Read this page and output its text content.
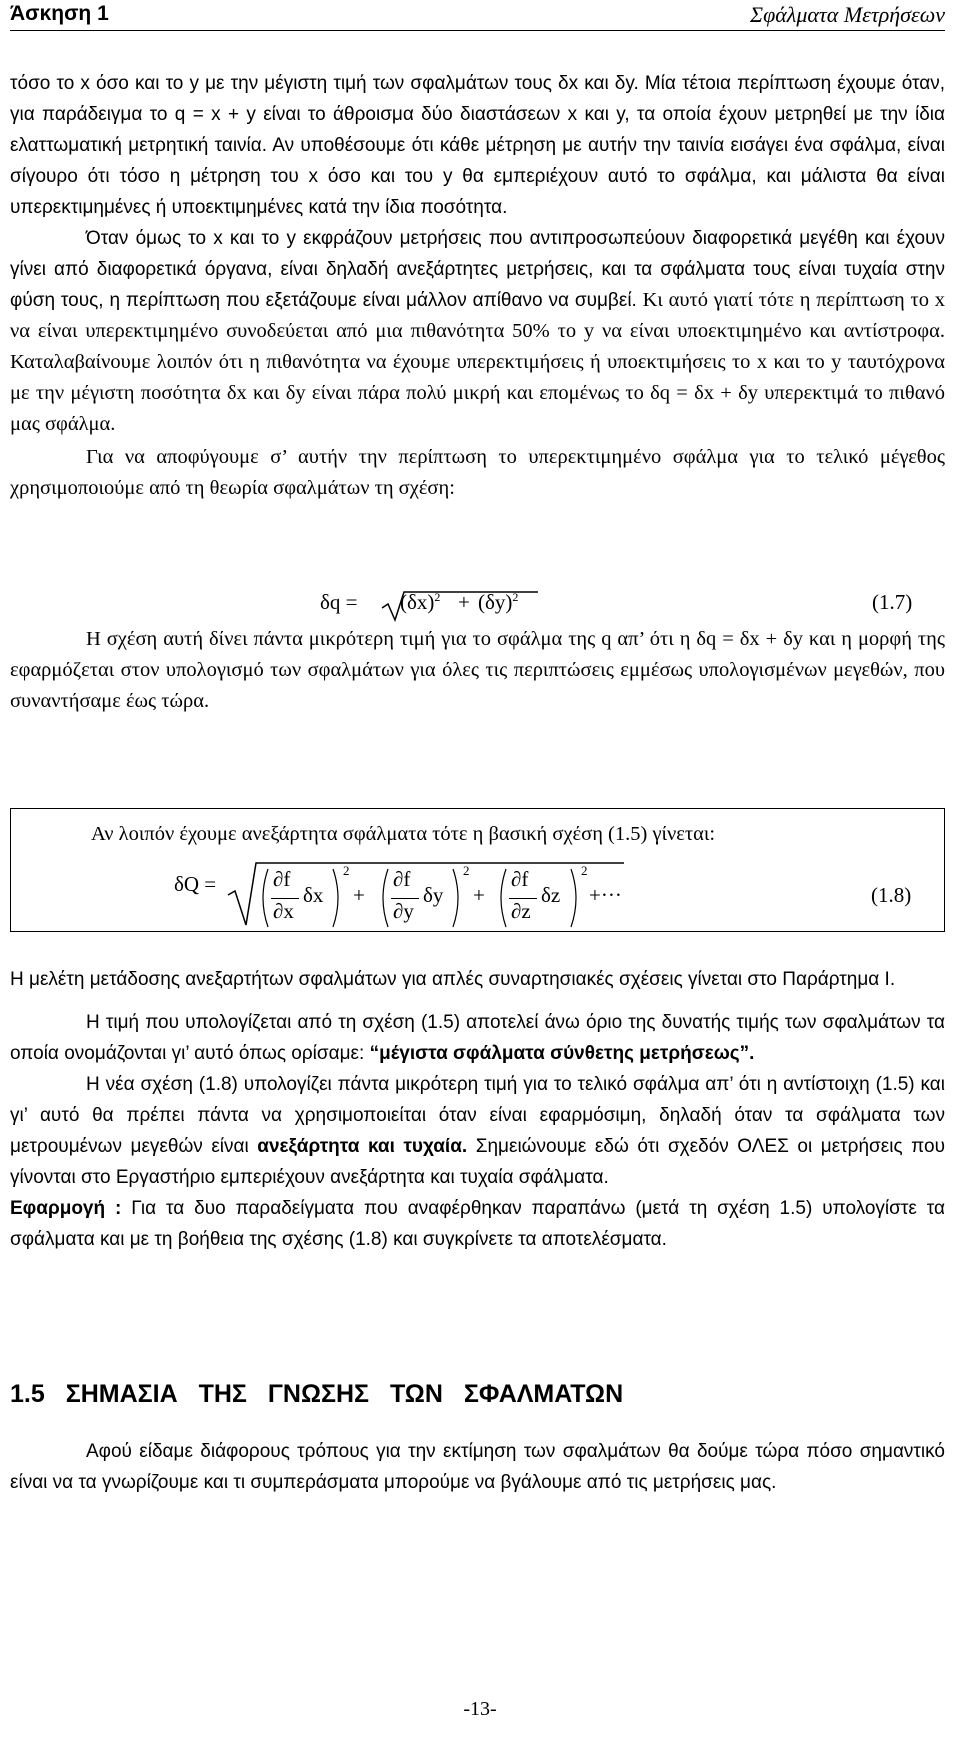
Άσκηση 1	Σφάλματα Μετρήσεων

τόσο το x όσο και το y με την μέγιστη τιμή των σφαλμάτων τους δx και δy. Μία τέτοια περίπτωση έχουμε όταν, για παράδειγμα το q = x + y είναι το άθροισμα δύο διαστάσεων x και y, τα οποία έχουν μετρηθεί με την ίδια ελαττωματική μετρητική ταινία. Αν υποθέσουμε ότι κάθε μέτρηση με αυτήν την ταινία εισάγει ένα σφάλμα, είναι σίγουρο ότι τόσο η μέτρηση του x όσο και του y θα εμπεριέχουν αυτό το σφάλμα, και μάλιστα θα είναι υπερεκτιμημένες ή υποεκτιμημένες κατά την ίδια ποσότητα.

Όταν όμως το x και το y εκφράζουν μετρήσεις που αντιπροσωπεύουν διαφορετικά μεγέθη και έχουν γίνει από διαφορετικά όργανα, είναι δηλαδή ανεξάρτητες μετρήσεις, και τα σφάλματα τους είναι τυχαία στην φύση τους, η περίπτωση που εξετάζουμε είναι μάλλον απίθανο να συμβεί. Κι αυτό γιατί τότε η περίπτωση το x να είναι υπερεκτιμημένο συνοδεύεται από μια πιθανότητα 50% το y να είναι υποεκτιμημένο και αντίστροφα. Καταλαβαίνουμε λοιπόν ότι η πιθανότητα να έχουμε υπερεκτιμήσεις ή υποεκτιμήσεις το x και το y ταυτόχρονα με την μέγιστη ποσότητα δx και δy είναι πάρα πολύ μικρή και επομένως το δq = δx + δy υπερεκτιμά το πιθανό μας σφάλμα.

Για να αποφύγουμε σ’ αυτήν την περίπτωση το υπερεκτιμημένο σφάλμα για το τελικό μέγεθος χρησιμοποιούμε από τη θεωρία σφαλμάτων τη σχέση:

$\delta q = (\delta x)^2 + (\delta y)^2$	(1.7)

Η σχέση αυτή δίνει πάντα μικρότερη τιμή για το σφάλμα της q απ’ ότι η δq = δx + δy και η μορφή της εφαρμόζεται στον υπολογισμό των σφαλμάτων για όλες τις περιπτώσεις εμμέσως υπολογισμένων μεγεθών, που συναντήσαμε έως τώρα.

Αν λοιπόν έχουμε ανεξάρτητα σφάλματα τότε η βασική σχέση (1.5) γίνεται:
δQ =	∂f
∂x
δx
2
+
∂f
∂y
δy
2
+
∂f
∂z
δz
2
+···	(1.8)

Η μελέτη μετάδοσης ανεξαρτήτων σφαλμάτων για απλές συναρτησιακές σχέσεις γίνεται στο Παράρτημα Ι.

Η τιμή που υπολογίζεται από τη σχέση (1.5) αποτελεί άνω όριο της δυνατής τιμής των σφαλμάτων τα οποία ονομάζονται γι’ αυτό όπως ορίσαμε: “μέγιστα σφάλματα σύνθετης μετρήσεως”.

Η νέα σχέση (1.8) υπολογίζει πάντα μικρότερη τιμή για το τελικό σφάλμα απ’ ότι η αντίστοιχη (1.5) και γι’ αυτό θα πρέπει πάντα να χρησιμοποιείται όταν είναι εφαρμόσιμη, δηλαδή όταν τα σφάλματα των μετρουμένων μεγεθών είναι ανεξάρτητα και τυχαία. Σημειώνουμε εδώ ότι σχεδόν ΟΛΕΣ οι μετρήσεις που γίνονται στο Εργαστήριο εμπεριέχουν ανεξάρτητα και τυχαία σφάλματα.

Εφαρμογή : Για τα δυο παραδείγματα που αναφέρθηκαν παραπάνω (μετά τη σχέση 1.5) υπολογίστε τα σφάλματα και με τη βοήθεια της σχέσης (1.8) και συγκρίνετε τα αποτελέσματα.

1.5 ΣΗΜΑΣΙΑ ΤΗΣ ΓΝΩΣΗΣ ΤΩΝ ΣΦΑΛΜΑΤΩΝ

Αφού είδαμε διάφορους τρόπους για την εκτίμηση των σφαλμάτων θα δούμε τώρα πόσο σημαντικό είναι να τα γνωρίζουμε και τι συμπεράσματα μπορούμε να βγάλουμε από τις μετρήσεις μας.

-13-
